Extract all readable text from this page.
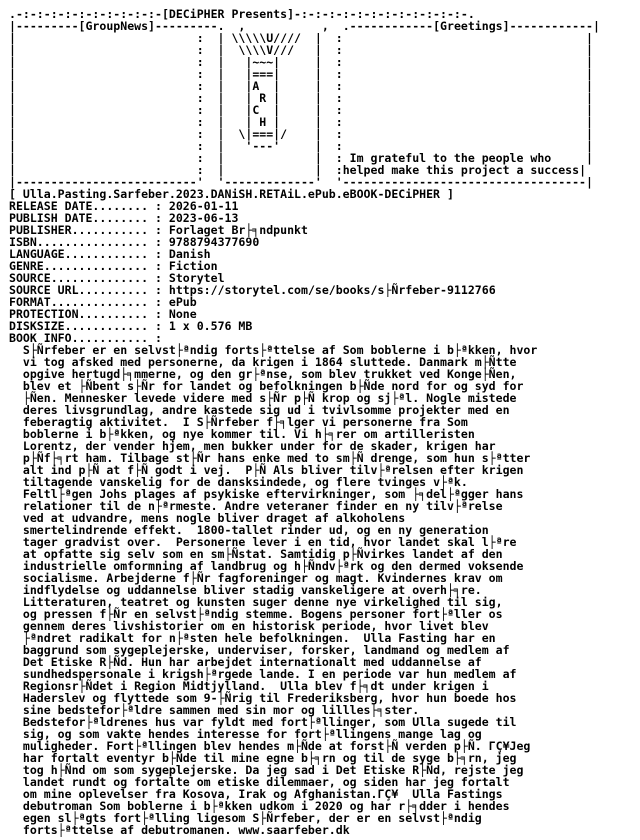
.-:-:-:-:-:-:-:-:-:-:-[DECiPHER Presents]-:-:-:-:-:-:-:-:-:-:-:-:-.
|---------[GroupNews]---------.  ,           ,  .------------[Greetings]------------|
|                          :  | \\\\\U////  |  :                                   |
|                          :  |  \\\\V///   |  :                                   |
|                          :  |   |~~~|     |  :                                   |
|                          :  |   |===|     |  :                                   |
|                          :  |   |A  |     |  :                                   |
|                          :  |   | R |     |  :                                   |
|                          :  |   |C  |     |  :                                   |
|                          :  |   | H |     |  :                                   |
|                          :  |  \|===|/    |  :                                   |
|                          :  |   '---'     |  :                                   |
|                          :  |             |  : Im grateful to the people who	|
|                          :  |             |  :helped make this project a success|
|--------------------------'  '-------------'  '-----------------------------------|
[ Ulla.Pasting.Sarfeber.2023.DANiSH.RETAiL.ePub.eBOOK-DECiPHER ]
RELEASE DATE........ : 2026-01-11
PUBLISH DATE........ : 2023-06-13
PUBLISHER........... : Forlaget Br├╕ndpunkt
ISBN................ : 9788794377690
LANGUAGE............ : Danish
GENRE............... : Fiction
SOURCE.............. : Storytel
SOURCE URL.......... : https://storytel.com/se/books/s├Ñrfeber-9112766
FORMAT.............. : ePub
PROTECTION.......... : None
DISKSIZE............ : 1 x 0.576 MB
BOOK INFO........... :
S├Ñrfeber er en selvst├ªndig forts├ªttelse af Som boblerne i b├ªkken, hvor
vi tog afsked med personerne, da krigen i 1864 sluttede. Danmark m├Ñtte
opgive hertugd├╕mmerne, og den gr├ªnse, som blev trukket ved Konge├Ñen,
blev et ├Ñbent s├Ñr for landet og befolkningen b├Ñde nord for og syd for
├Ñen. Mennesker levede videre med s├Ñr p├Ñ krop og sj├ªl. Nogle mistede
deres livsgrundlag, andre kastede sig ud i tvivlsomme projekter med en
feberagtig aktivitet.  I S├Ñrfeber f├╕lger vi personerne fra Som
boblerne i b├ªkken, og nye kommer til. Vi h├╕rer om artilleristen
Lorentz, der vender hjem, men bukker under for de skader, krigen har
p├Ñf├╕rt ham. Tilbage st├Ñr hans enke med to sm├Ñ drenge, som hun s├ªtter
alt ind p├Ñ at f├Ñ godt i vej.  P├Ñ Als bliver tilv├ªrelsen efter krigen
tiltagende vanskelig for de dansksindede, og flere tvinges v├ªk.
Feltl├ªgen Johs plages af psykiske eftervirkninger, som ├╕del├ªgger hans
relationer til de n├ªrmeste. Andre veteraner finder en ny tilv├ªrelse
ved at udvandre, mens nogle bliver draget af alkoholens
smertelindrende effekt.  1800-tallet rinder ud, og en ny generation
tager gradvist over.  Personerne lever i en tid, hvor landet skal l├ªre
at opfatte sig selv som en sm├Ñstat. Samtidig p├Ñvirkes landet af den
industrielle omformning af landbrug og h├Ñndv├ªrk og den dermed voksende
socialisme. Arbejderne f├Ñr fagforeninger og magt. Kvindernes krav om
indflydelse og uddannelse bliver stadig vanskeligere at overh├╕re.
Litteraturen, teatret og kunsten suger denne nye virkelighed til sig,
og pressen f├Ñr en selvst├ªndig stemme. Bogens personer fort├ªller os
gennem deres livshistorier om en historisk periode, hvor livet blev
├ªndret radikalt for n├ªsten hele befolkningen.  Ulla Fasting har en
baggrund som sygeplejerske, underviser, forsker, landmand og medlem af
Det Etiske R├Ñd. Hun har arbejdet internationalt med uddannelse af
sundhedspersonale i krigsh├ªrgede lande. I en periode var hun medlem af
Regionsr├Ñdet i Region Midtjylland.  Ulla blev f├╕dt under krigen i
Haderslev og flyttede som 9-├Ñrig til Frederiksberg, hvor hun boede hos
sine bedstefor├ªldre sammen med sin mor og lillles├╕ster.
Bedstefor├ªldrenes hus var fyldt med fort├ªllinger, som Ulla sugede til
sig, og som vakte hendes interesse for fort├ªllingens mange lag og
muligheder. Fort├ªllingen blev hendes m├Ñde at forst├Ñ verden p├Ñ. ΓÇ¥Jeg
har fortalt eventyr b├Ñde til mine egne b├╕rn og til de syge b├╕rn, jeg
tog h├Ñnd om som sygeplejerske. Da jeg sad i Det Etiske R├Ñd, rejste jeg
landet rundt og fortalte om etiske dilemmaer, og siden har jeg fortalt
om mine oplevelser fra Kosova, Irak og Afghanistan.ΓÇ¥  Ulla Fastings
debutroman Som boblerne i b├ªkken udkom i 2020 og har r├╕dder i hendes
egen sl├ªgts fort├ªlling ligesom S├Ñrfeber, der er en selvst├ªndig
forts├ªttelse af debutromanen. www.saarfeber.dk
